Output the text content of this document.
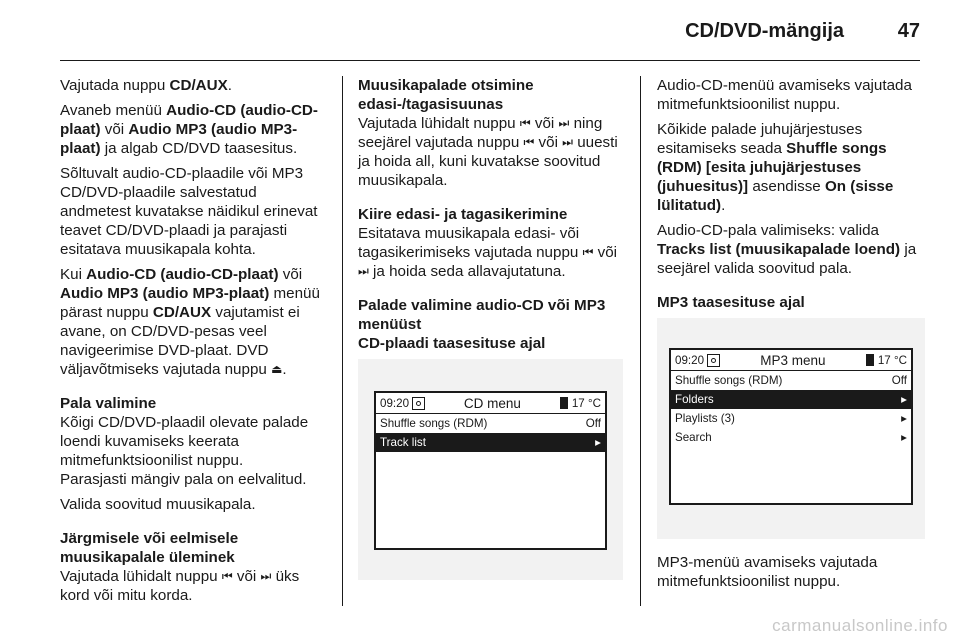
CD/DVD-mängija	47

Vajutada nuppu CD/AUX.

Avaneb menüü Audio-CD (audio-CD-plaat) või Audio MP3 (audio MP3-plaat) ja algab CD/DVD taasesitus.

Sõltuvalt audio-CD-plaadile või MP3 CD/DVD-plaadile salvestatud andmetest kuvatakse näidikul erinevat teavet CD/DVD-plaadi ja parajasti esitatava muusikapala kohta.

Kui Audio-CD (audio-CD-plaat) või Audio MP3 (audio MP3-plaat) menüü pärast nuppu CD/AUX vajutamist ei avane, on CD/DVD-pesas veel navigeerimise DVD-plaat. DVD väljavõtmiseks vajutada nuppu ⏏.

Pala valimine

Kõigi CD/DVD-plaadil olevate palade loendi kuvamiseks keerata mitmefunktsioonilist nuppu.

Parasjasti mängiv pala on eelvalitud.

Valida soovitud muusikapala.

Järgmisele või eelmisele muusikapalale üleminek

Vajutada lühidalt nuppu ⏮ või ⏭ üks kord või mitu korda.

Muusikapalade otsimine edasi-/tagasisuunas

Vajutada lühidalt nuppu ⏮ või ⏭ ning seejärel vajutada nuppu ⏮ või ⏭ uuesti ja hoida all, kuni kuvatakse soovitud muusikapala.

Kiire edasi- ja tagasikerimine

Esitatava muusikapala edasi- või tagasikerimiseks vajutada nuppu ⏮ või ⏭ ja hoida seda allavajutatuna.

Palade valimine audio-CD või MP3 menüüst

CD-plaadi taasesituse ajal

09:20	CD menu	17 °C
Shuffle songs (RDM)	Off
Track list	▸

Audio-CD-menüü avamiseks vajutada mitmefunktsioonilist nuppu.

Kõikide palade juhujärjestuses esitamiseks seada Shuffle songs (RDM) [esita juhujärjestuses (juhuesitus)] asendisse On (sisse lülitatud).

Audio-CD-pala valimiseks: valida Tracks list (muusikapalade loend) ja seejärel valida soovitud pala.

MP3 taasesituse ajal

09:20	MP3 menu	17 °C
Shuffle songs (RDM)	Off
Folders	▸
Playlists (3)	▸
Search	▸

MP3-menüü avamiseks vajutada mitmefunktsioonilist nuppu.

carmanualsonline.info
